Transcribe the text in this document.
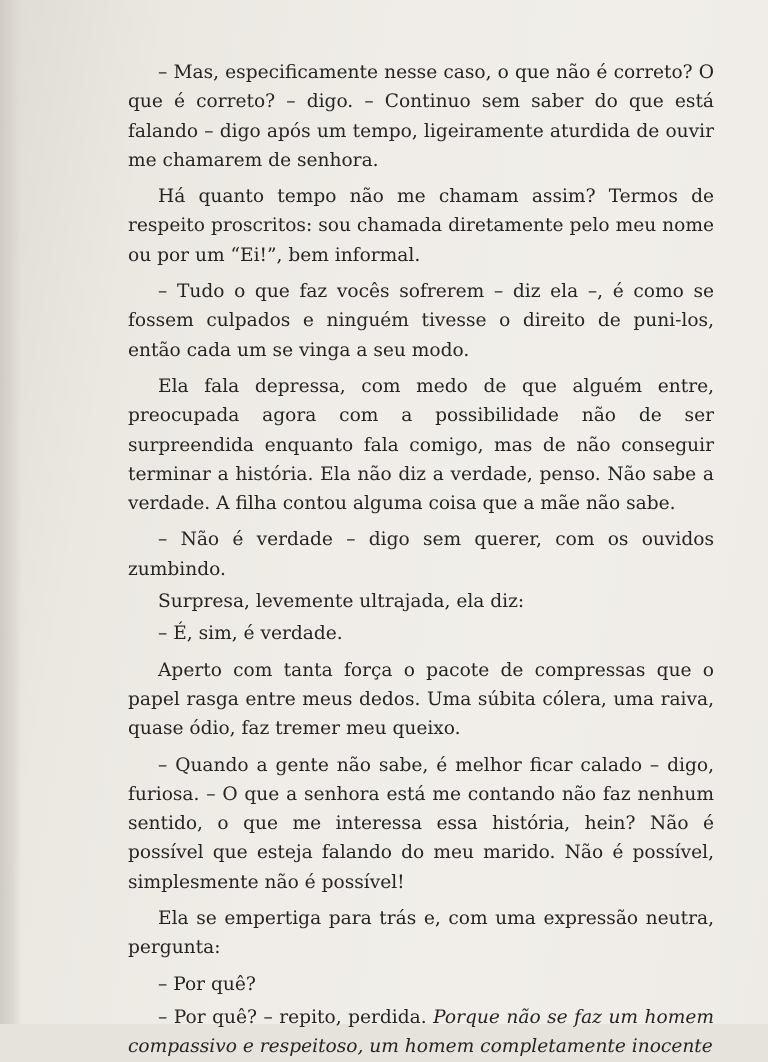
– Mas, especificamente nesse caso, o que não é correto? O que é correto? – digo. – Continuo sem saber do que está falando – digo após um tempo, ligeiramente aturdida de ouvir me chamarem de senhora.

Há quanto tempo não me chamam assim? Termos de respeito proscritos: sou chamada diretamente pelo meu nome ou por um “Ei!”, bem informal.

– Tudo o que faz vocês sofrerem – diz ela –, é como se fossem culpados e ninguém tivesse o direito de puni-los, então cada um se vinga a seu modo.

Ela fala depressa, com medo de que alguém entre, preocupada agora com a possibilidade não de ser surpreendida enquanto fala comigo, mas de não conseguir terminar a história. Ela não diz a verdade, penso. Não sabe a verdade. A filha contou alguma coisa que a mãe não sabe.

– Não é verdade – digo sem querer, com os ouvidos zumbindo.

Surpresa, levemente ultrajada, ela diz:

– É, sim, é verdade.

Aperto com tanta força o pacote de compressas que o papel rasga entre meus dedos. Uma súbita cólera, uma raiva, quase ódio, faz tremer meu queixo.

– Quando a gente não sabe, é melhor ficar calado – digo, furiosa. – O que a senhora está me contando não faz nenhum sentido, o que me interessa essa história, hein? Não é possível que esteja falando do meu marido. Não é possível, simplesmente não é possível!

Ela se empertiga para trás e, com uma expressão neutra, pergunta:

– Por quê?

– Por quê? – repito, perdida. Porque não se faz um homem compassivo e respeitoso, um homem completamente inocente
